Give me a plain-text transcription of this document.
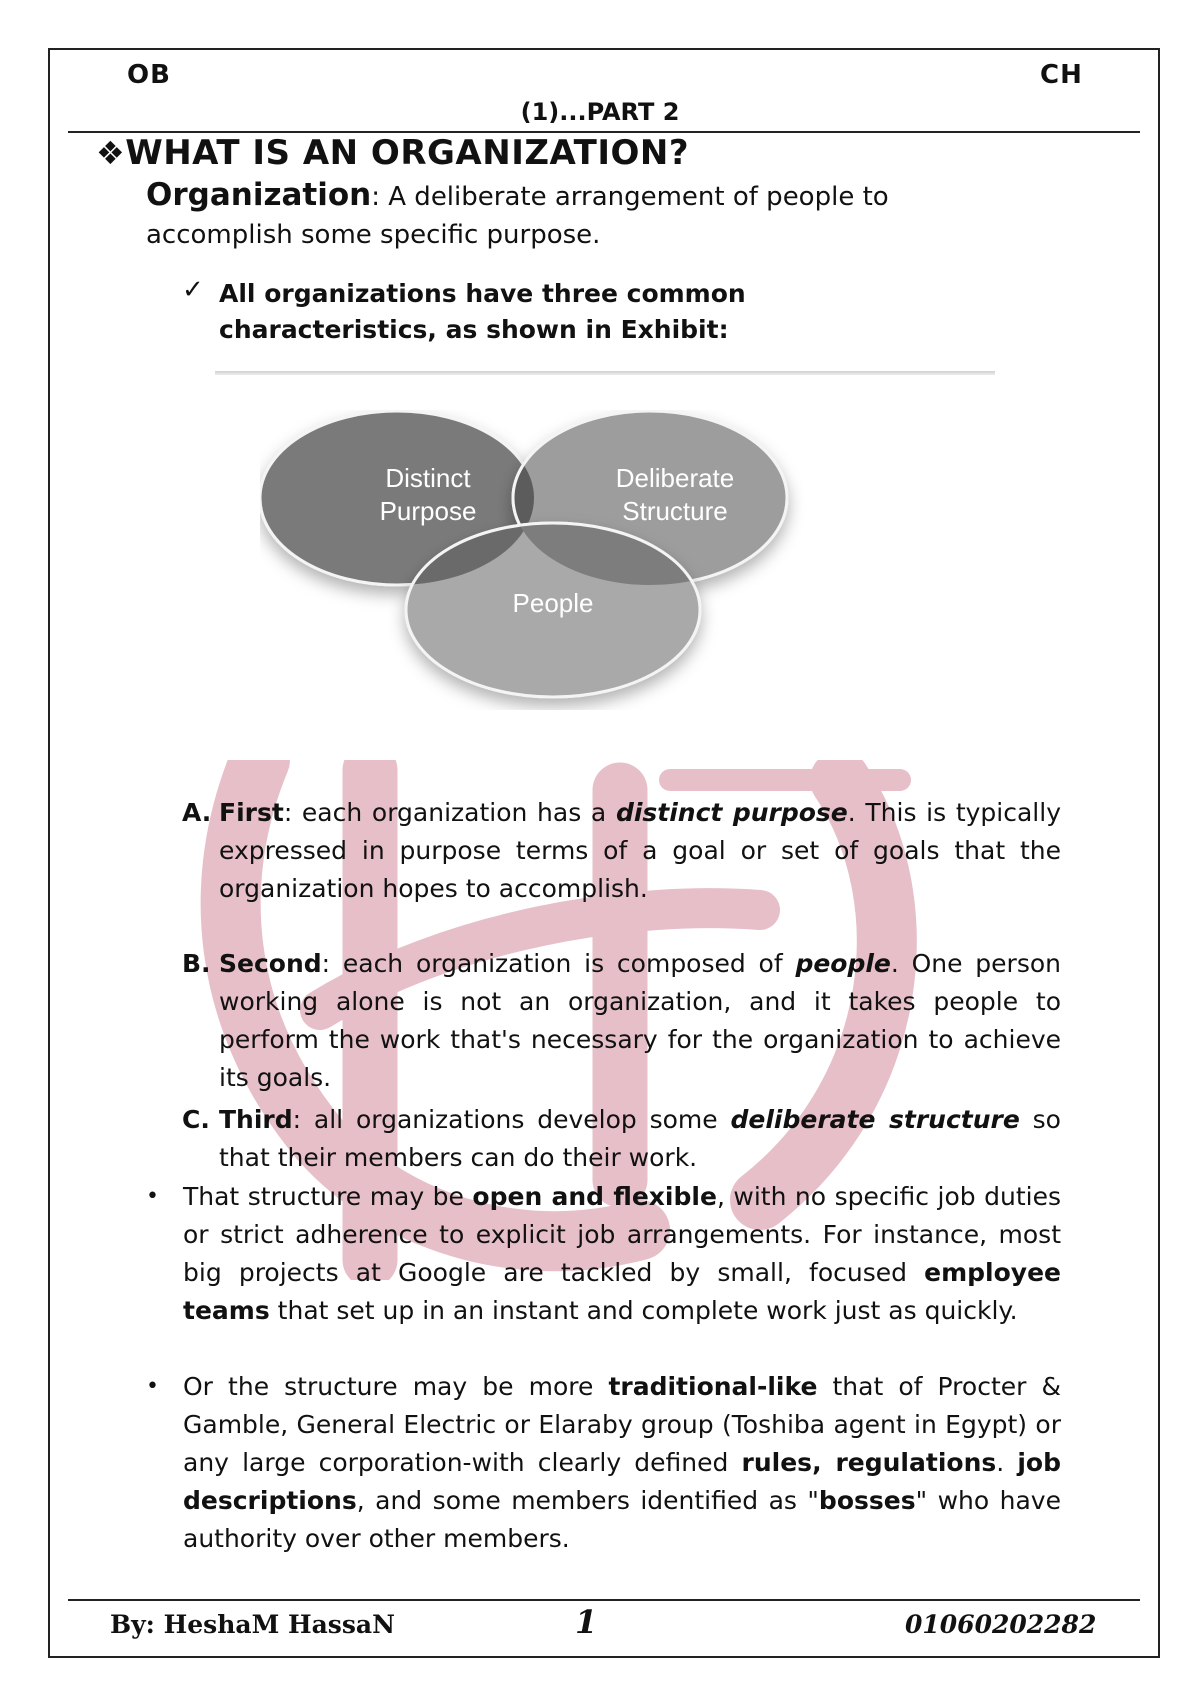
OB	CH
(1)...PART 2
❖WHAT IS AN ORGANIZATION?
Organization: A deliberate arrangement of people to accomplish some specific purpose.
✓ All organizations have three common characteristics, as shown in Exhibit:
Distinct
Purpose
Deliberate
Structure
People
A. First: each organization has a distinct purpose. This is typically expressed in purpose terms of a goal or set of goals that the organization hopes to accomplish.
B. Second: each organization is composed of people. One person working alone is not an organization, and it takes people to perform the work that's necessary for the organization to achieve its goals.
C. Third: all organizations develop some deliberate structure so that their members can do their work.
• That structure may be open and flexible, with no specific job duties or strict adherence to explicit job arrangements. For instance, most big projects at Google are tackled by small, focused employee teams that set up in an instant and complete work just as quickly.
• Or the structure may be more traditional-like that of Procter & Gamble, General Electric or Elaraby group (Toshiba agent in Egypt) or any large corporation-with clearly defined rules, regulations. job descriptions, and some members identified as "bosses" who have authority over other members.
By: HeshaM HassaN	1	01060202282
